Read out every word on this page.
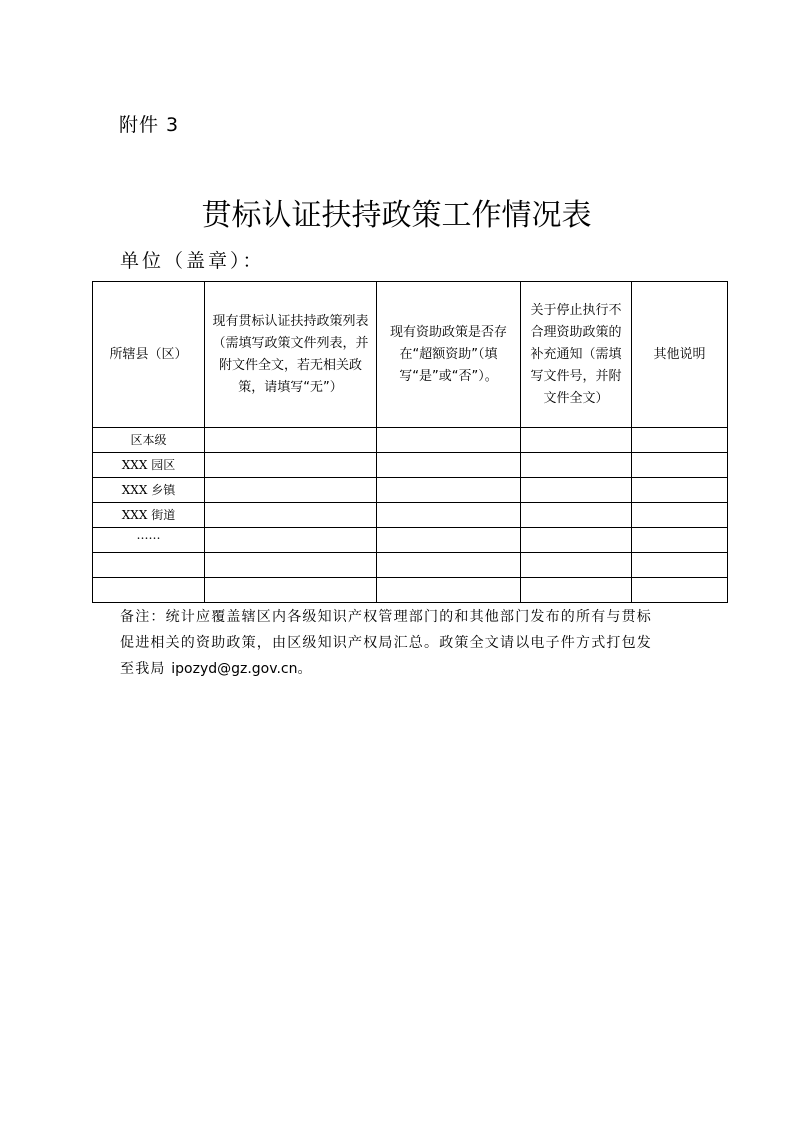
附件 3
贯标认证扶持政策工作情况表
单位（盖章）：
所辖县（区）	现有贯标认证扶持政策列表（需填写政策文件列表，并附文件全文，若无相关政策，请填写“无”）	现有资助政策是否存在“超额资助”（填写“是”或“否”）。	关于停止执行不合理资助政策的补充通知（需填写文件号，并附文件全文）	其他说明
区本级				
XXX 园区				
XXX 乡镇				
XXX 街道				
……				

备注：统计应覆盖辖区内各级知识产权管理部门的和其他部门发布的所有与贯标
促进相关的资助政策，由区级知识产权局汇总。政策全文请以电子件方式打包发
至我局 ipozyd@gz.gov.cn。
